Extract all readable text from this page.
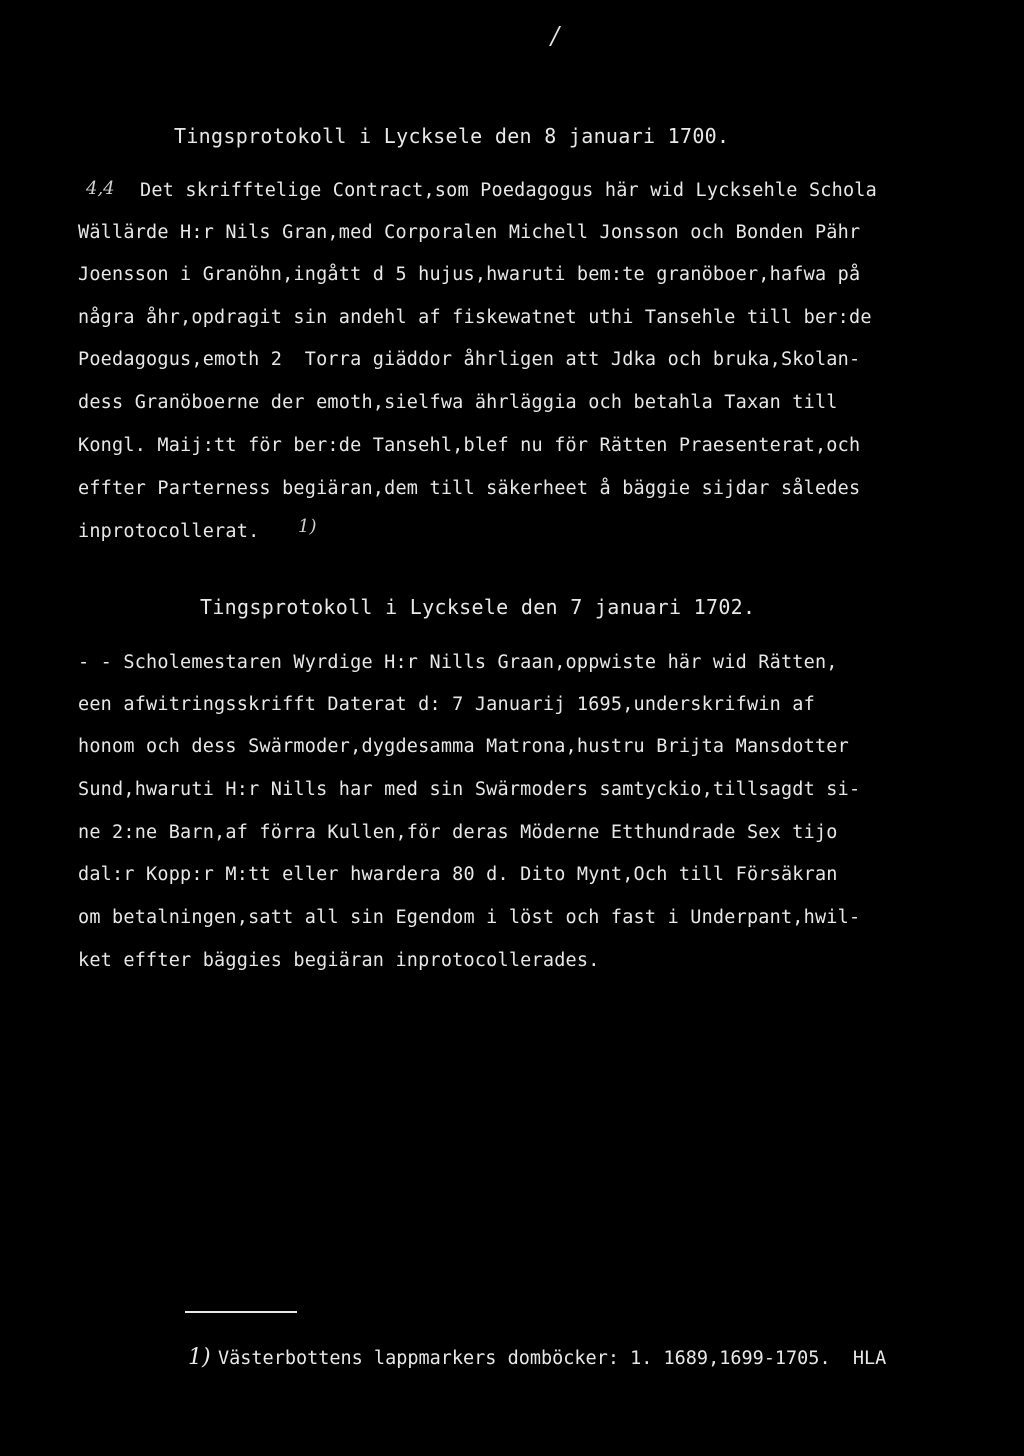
/
Tingsprotokoll i Lycksele den 8 januari 1700.
4,4 Det skrifftelige Contract,som Poedagogus här wid Lycksehle Schola
Wällärde H:r Nils Gran,med Corporalen Michell Jonsson och Bonden Pähr
Joensson i Granöhn,ingått d 5 hujus,hwaruti bem:te granöboer,hafwa på
några åhr,opdragit sin andehl af fiskewatnet uthi Tansehle till ber:de
Poedagogus,emoth 2  Torra giäddor åhrligen att Jdka och bruka,Skolan-
dess Granöboerne der emoth,sielfwa ährläggia och betahla Taxan till
Kongl. Maij:tt för ber:de Tansehl,blef nu för Rätten Praesenterat,och
effter Parterness begiäran,dem till säkerheet å bäggie sijdar således
inprotocollerat. 1)
Tingsprotokoll i Lycksele den 7 januari 1702.
- - Scholemestaren Wyrdige H:r Nills Graan,oppwiste här wid Rätten,
een afwitringsskrifft Daterat d: 7 Januarij 1695,underskrifwin af
honom och dess Swärmoder,dygdesamma Matrona,hustru Brijta Mansdotter
Sund,hwaruti H:r Nills har med sin Swärmoders samtyckio,tillsagdt si-
ne 2:ne Barn,af förra Kullen,för deras Möderne Etthundrade Sex tijo
dal:r Kopp:r M:tt eller hwardera 80 d. Dito Mynt,Och till Försäkran
om betalningen,satt all sin Egendom i löst och fast i Underpant,hwil-
ket effter bäggies begiäran inprotocollerades.
1) Västerbottens lappmarkers domböcker: 1. 1689,1699-1705.  HLA
